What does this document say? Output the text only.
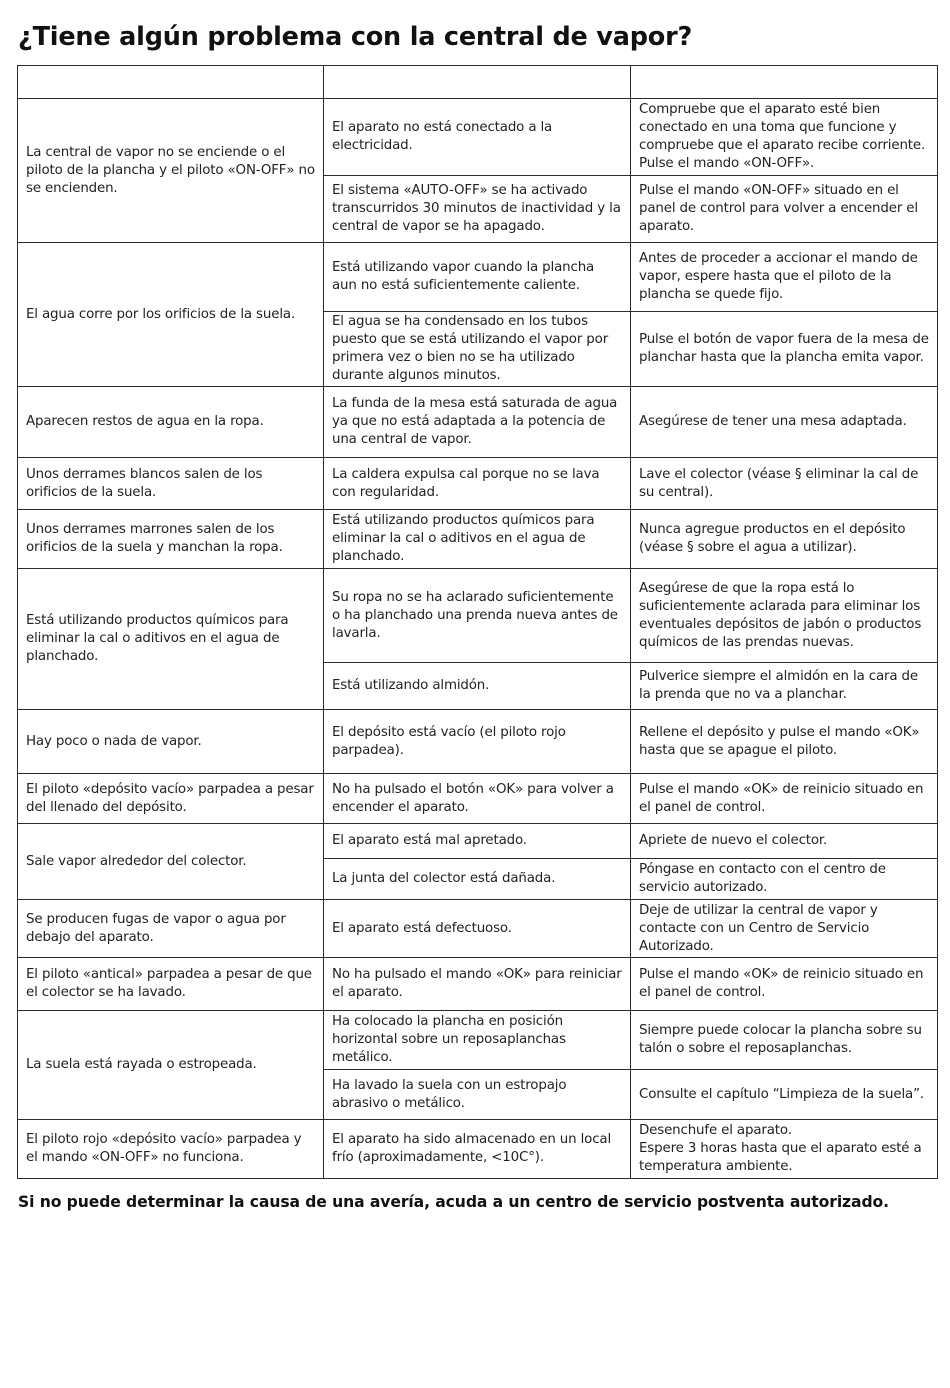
¿Tiene algún problema con la central de vapor?

La central de vapor no se enciende o el piloto de la plancha y el piloto «ON-OFF» no se encienden.	El aparato no está conectado a la electricidad.	Compruebe que el aparato esté bien conectado en una toma que funcione y compruebe que el aparato recibe corriente. Pulse el mando «ON-OFF».
	El sistema «AUTO-OFF» se ha activado transcurridos 30 minutos de inactividad y la central de vapor se ha apagado.	Pulse el mando «ON-OFF» situado en el panel de control para volver a encender el aparato.
El agua corre por los orificios de la suela.	Está utilizando vapor cuando la plancha aun no está suficientemente caliente.	Antes de proceder a accionar el mando de vapor, espere hasta que el piloto de la plancha se quede fijo.
	El agua se ha condensado en los tubos puesto que se está utilizando el vapor por primera vez o bien no se ha utilizado durante algunos minutos.	Pulse el botón de vapor fuera de la mesa de planchar hasta que la plancha emita vapor.
Aparecen restos de agua en la ropa.	La funda de la mesa está saturada de agua ya que no está adaptada a la potencia de una central de vapor.	Asegúrese de tener una mesa adaptada.
Unos derrames blancos salen de los orificios de la suela.	La caldera expulsa cal porque no se lava con regularidad.	Lave el colector (véase § eliminar la cal de su central).
Unos derrames marrones salen de los orificios de la suela y manchan la ropa.	Está utilizando productos químicos para eliminar la cal o aditivos en el agua de planchado.	Nunca agregue productos en el depósito (véase § sobre el agua a utilizar).
Está utilizando productos químicos para eliminar la cal o aditivos en el agua de planchado.	Su ropa no se ha aclarado suficientemente o ha planchado una prenda nueva antes de lavarla.	Asegúrese de que la ropa está lo suficientemente aclarada para eliminar los eventuales depósitos de jabón o productos químicos de las prendas nuevas.
	Está utilizando almidón.	Pulverice siempre el almidón en la cara de la prenda que no va a planchar.
Hay poco o nada de vapor.	El depósito está vacío (el piloto rojo parpadea).	Rellene el depósito y pulse el mando «OK» hasta que se apague el piloto.
El piloto «depósito vacío» parpadea a pesar del llenado del depósito.	No ha pulsado el botón «OK» para volver a encender el aparato.	Pulse el mando «OK» de reinicio situado en el panel de control.
Sale vapor alrededor del colector.	El aparato está mal apretado.	Apriete de nuevo el colector.
	La junta del colector está dañada.	Póngase en contacto con el centro de servicio autorizado.
Se producen fugas de vapor o agua por debajo del aparato.	El aparato está defectuoso.	Deje de utilizar la central de vapor y contacte con un Centro de Servicio Autorizado.
El piloto «antical» parpadea a pesar de que el colector se ha lavado.	No ha pulsado el mando «OK» para reiniciar el aparato.	Pulse el mando «OK» de reinicio situado en el panel de control.
La suela está rayada o estropeada.	Ha colocado la plancha en posición horizontal sobre un reposaplanchas metálico.	Siempre puede colocar la plancha sobre su talón o sobre el reposaplanchas.
	Ha lavado la suela con un estropajo abrasivo o metálico.	Consulte el capítulo “Limpieza de la suela”.
El piloto rojo «depósito vacío» parpadea y el mando «ON-OFF» no funciona.	El aparato ha sido almacenado en un local frío (aproximadamente, <10C°).	Desenchufe el aparato.
Espere 3 horas hasta que el aparato esté a temperatura ambiente.

Si no puede determinar la causa de una avería, acuda a un centro de servicio postventa autorizado.
